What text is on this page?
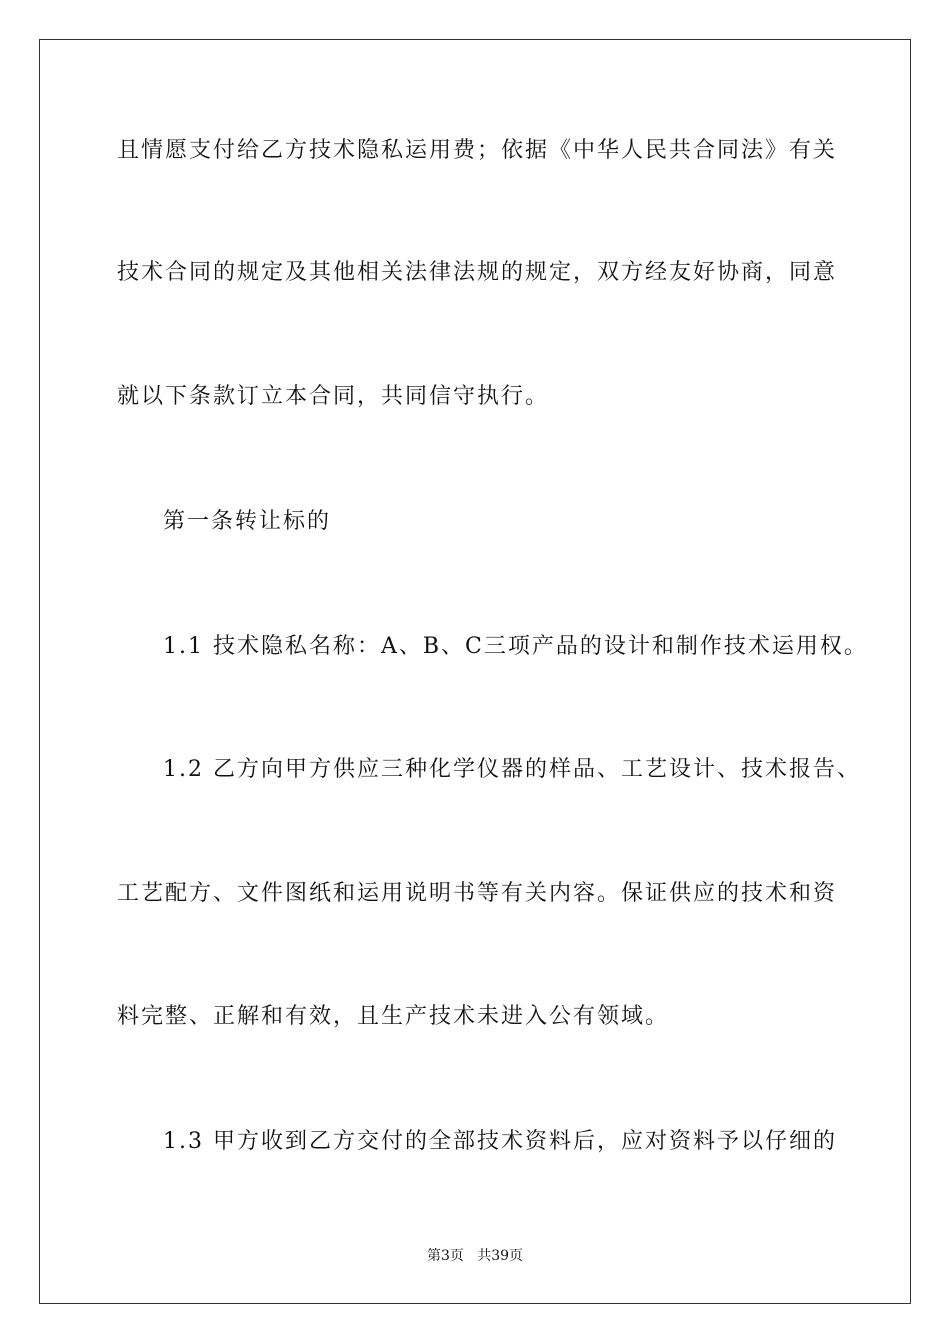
且情愿支付给乙方技术隐私运用费；依据《中华人民共合同法》有关
技术合同的规定及其他相关法律法规的规定，双方经友好协商，同意
就以下条款订立本合同，共同信守执行。
第一条转让标的
1.1 技术隐私名称：A、B、C三项产品的设计和制作技术运用权。
1.2 乙方向甲方供应三种化学仪器的样品、工艺设计、技术报告、
工艺配方、文件图纸和运用说明书等有关内容。保证供应的技术和资
料完整、正解和有效，且生产技术未进入公有领域。
1.3 甲方收到乙方交付的全部技术资料后，应对资料予以仔细的
第3页   共39页
